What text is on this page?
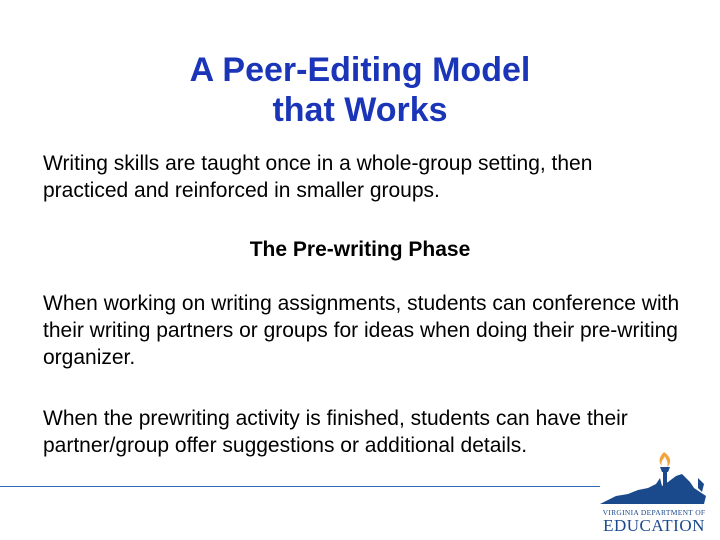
A Peer-Editing Model
that Works

Writing skills are taught once in a whole-group setting, then practiced and reinforced in smaller groups.

The Pre-writing Phase

When working on writing assignments, students can conference with their writing partners or groups for ideas when doing their pre-writing organizer.

When the prewriting activity is finished, students can have their partner/group offer suggestions or additional details.

VIRGINIA DEPARTMENT OF
EDUCATION
